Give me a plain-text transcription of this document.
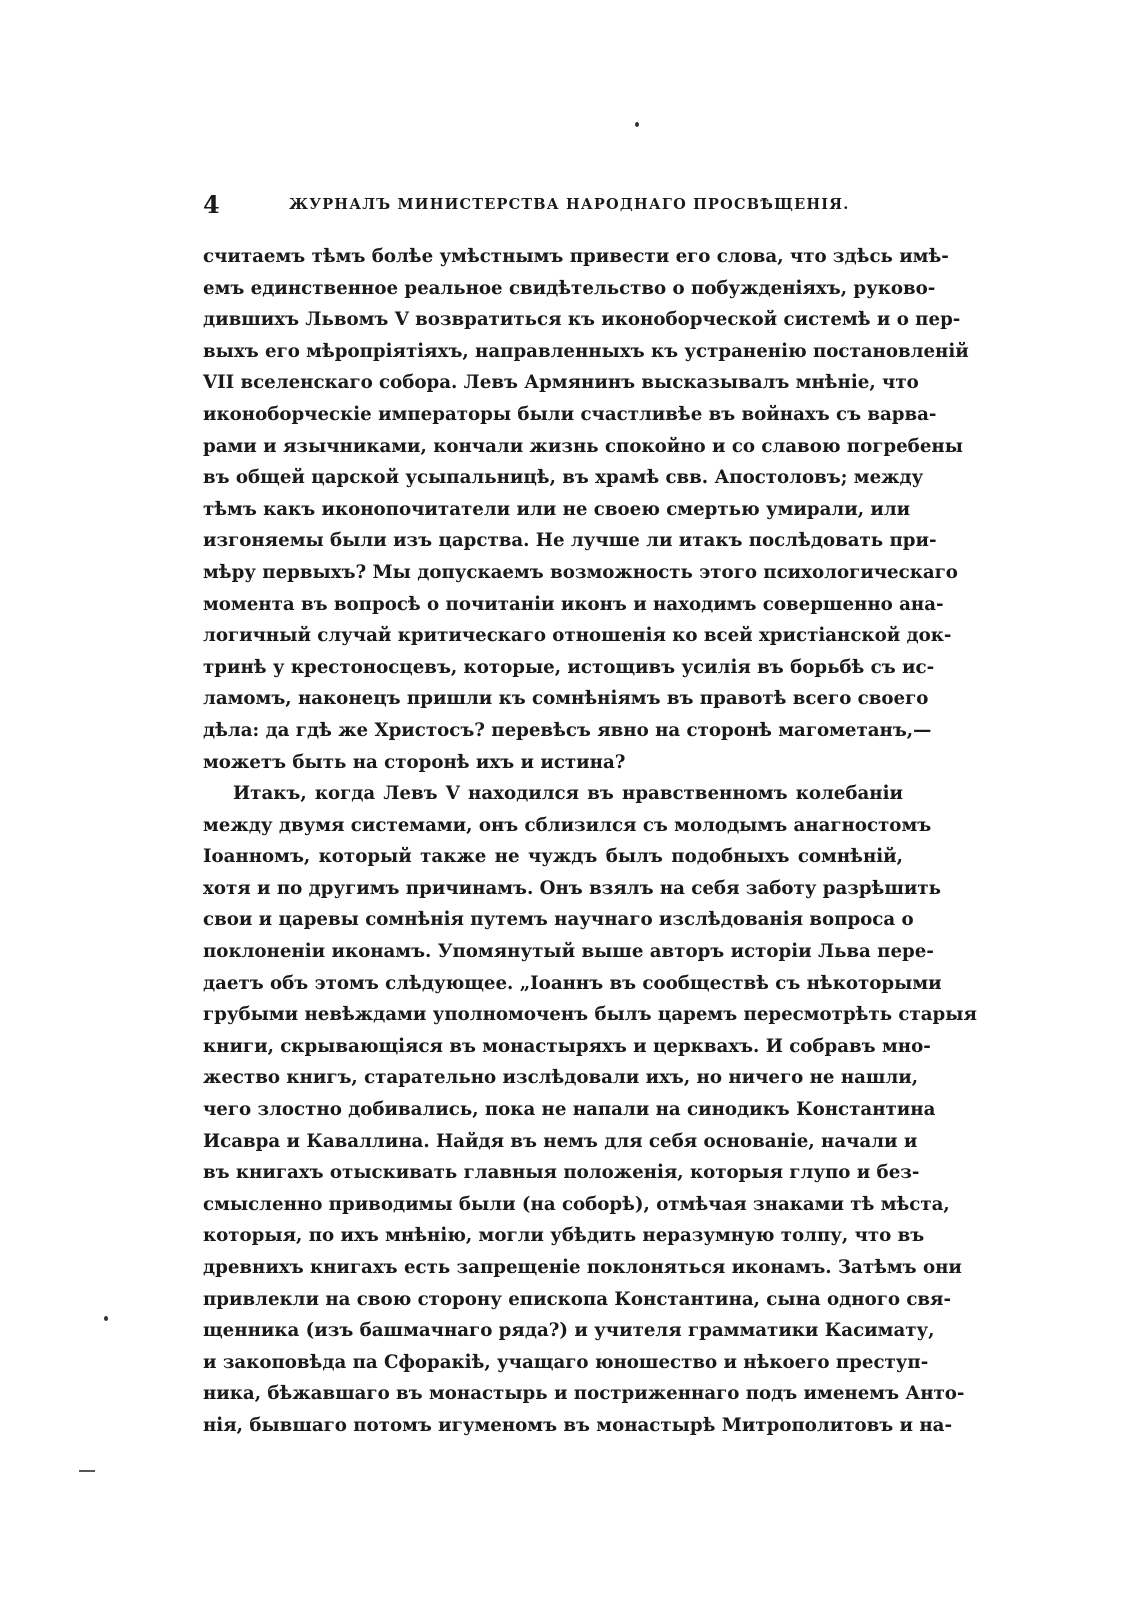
4	ЖУРНАЛЪ МИНИСТЕРСТВА НАРОДНАГО ПРОСВѢЩЕНІЯ.
считаемъ тѣмъ болѣе умѣстнымъ привести его слова, что здѣсь имѣ-
емъ единственное реальное свидѣтельство о побужденіяхъ, руково-
дившихъ Львомъ V возвратиться къ иконоборческой системѣ и о пер-
выхъ его мѣропріятіяхъ, направленныхъ къ устраненію постановленій
VII вселенскаго собора. Левъ Армянинъ высказывалъ мнѣніе, что
иконоборческіе императоры были счастливѣе въ войнахъ съ варва-
рами и язычниками, кончали жизнь спокойно и со славою погребены
въ общей царской усыпальницѣ, въ храмѣ свв. Апостоловъ; между
тѣмъ какъ иконопочитатели или не своею смертью умирали, или
изгоняемы были изъ царства. Не лучше ли итакъ послѣдовать при-
мѣру первыхъ? Мы допускаемъ возможность этого психологическаго
момента въ вопросѣ о почитаніи иконъ и находимъ совершенно ана-
логичный случай критическаго отношенія ко всей христіанской док-
тринѣ у крестоносцевъ, которые, истощивъ усилія въ борьбѣ съ ис-
ламомъ, наконецъ пришли къ сомнѣніямъ въ правотѣ всего своего
дѣла: да гдѣ же Христосъ? перевѣсъ явно на сторонѣ магометанъ,—
можетъ быть на сторонѣ ихъ и истина?
Итакъ, когда Левъ V находился въ нравственномъ колебаніи
между двумя системами, онъ сблизился съ молодымъ анагностомъ
Іоанномъ, который также не чуждъ былъ подобныхъ сомнѣній,
хотя и по другимъ причинамъ. Онъ взялъ на себя заботу разрѣшить
свои и царевы сомнѣнія путемъ научнаго изслѣдованія вопроса о
поклоненіи иконамъ. Упомянутый выше авторъ исторіи Льва пере-
даетъ объ этомъ слѣдующее. „Іоаннъ въ сообществѣ съ нѣкоторыми
грубыми невѣждами уполномоченъ былъ царемъ пересмотрѣть старыя
книги, скрывающіяся въ монастыряхъ и церквахъ. И собравъ мно-
жество книгъ, старательно изслѣдовали ихъ, но ничего не нашли,
чего злостно добивались, пока не напали на синодикъ Константина
Исавра и Каваллина. Найдя въ немъ для себя основаніе, начали и
въ книгахъ отыскивать главныя положенія, которыя глупо и без-
смысленно приводимы были (на соборѣ), отмѣчая знаками тѣ мѣста,
которыя, по ихъ мнѣнію, могли убѣдить неразумную толпу, что въ
древнихъ книгахъ есть запрещеніе поклоняться иконамъ. Затѣмъ они
привлекли на свою сторону епископа Константина, сына одного свя-
щенника (изъ башмачнаго ряда?) и учителя грамматики Касимату,
и закоповѣда па Сфоракіѣ, учащаго юношество и нѣкоего преступ-
ника, бѣжавшаго въ монастырь и постриженнаго подъ именемъ Анто-
нія, бывшаго потомъ игуменомъ въ монастырѣ Митрополитовъ и на-
